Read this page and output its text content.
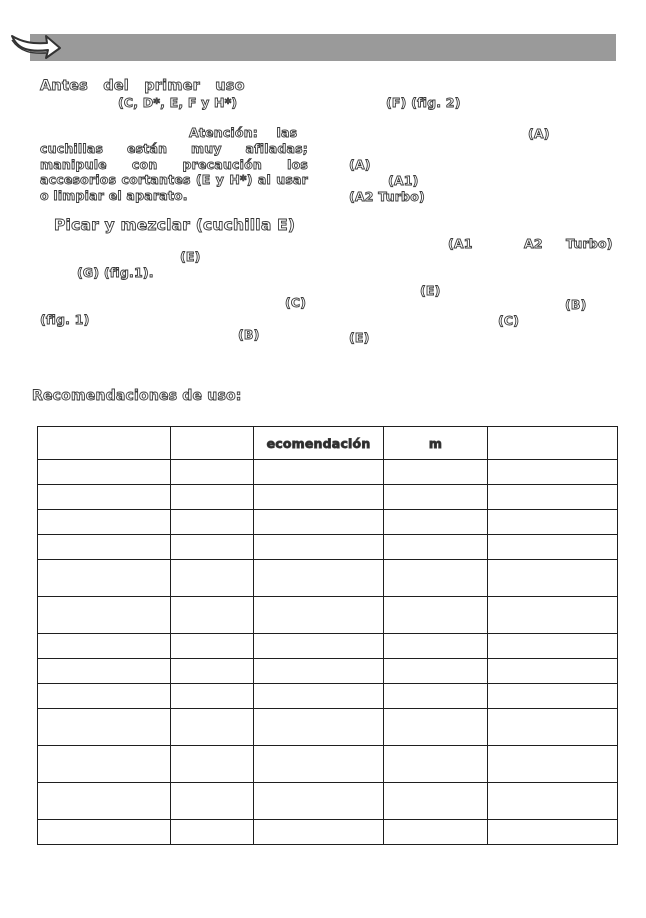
Antes del primer uso
(C, D*, E, F y H*)
Atención: las
cuchillas están muy afiladas;
manipule con precaución los
accesorios cortantes (E y H*) al usar
o limpiar el aparato.
Picar y mezclar (cuchilla E)
(E)
(G) (fig.1).
(C)
(fig. 1)
(B)
(F) (fig. 2)
(A)
(A)
(A1)
(A2 Turbo)
(A1	A2 Turbo)
(E)
(B)
(C)
(E)
Recomendaciones de uso:
		ecomendación	m	
